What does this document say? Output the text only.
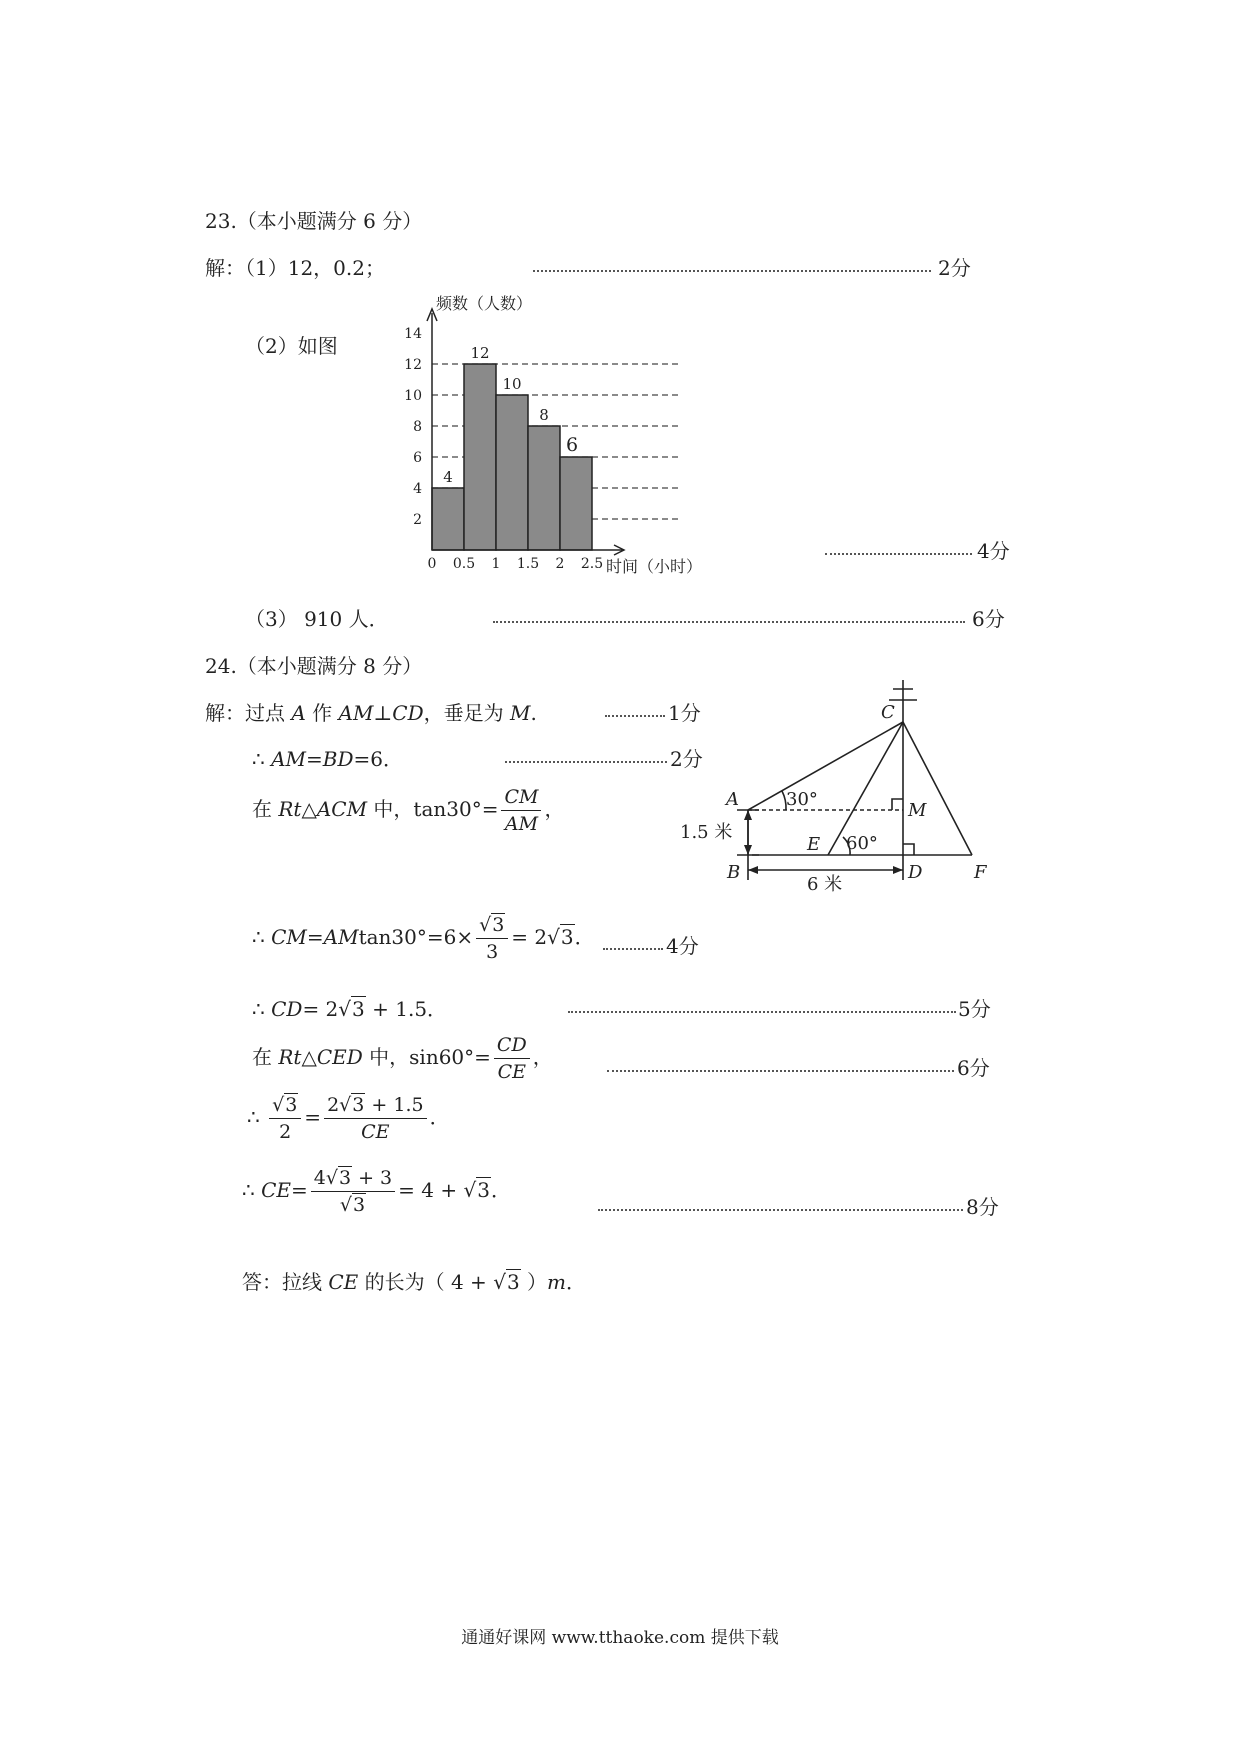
23.（本小题满分 6 分）
解：（1）12，0.2；	2分
（2）如图
4
12
10
8
6
2
4
6
8
10
12
14
0 0.5 1 1.5 2 2.5
频数（人数）
时间（小时）
4分
（3） 910 人．	6分
24.（本小题满分 8 分）
解：过点 A 作 AM⊥CD，垂足为 M.	1分
∴ AM=BD=6．	2分
在 Rt△ACM 中，$\tan 30^\circ= \frac{CM}{AM}$ ，
C
A
B	D
E
F
M
30°
60°
1.5 米
6 米
∴ $CM=AMtan30^\circ=6\times \frac{√3}{3} = 2√3$．	4分
∴ CD= 2√3 + 1.5．	5分
在 Rt△CED 中，$\sin 60^\circ= \frac{CD}{CE}$ ，	6分
∴ $\frac{√3}{2} = \frac{2√3 + 1.5}{CE}$ ．
∴ $CE= \frac{4√3 + 3}{√3} = 4 + √3$．
8分
答：拉线 CE 的长为（ 4 + √3 ）m．
通通好课网 www.tthaoke.com 提供下载
